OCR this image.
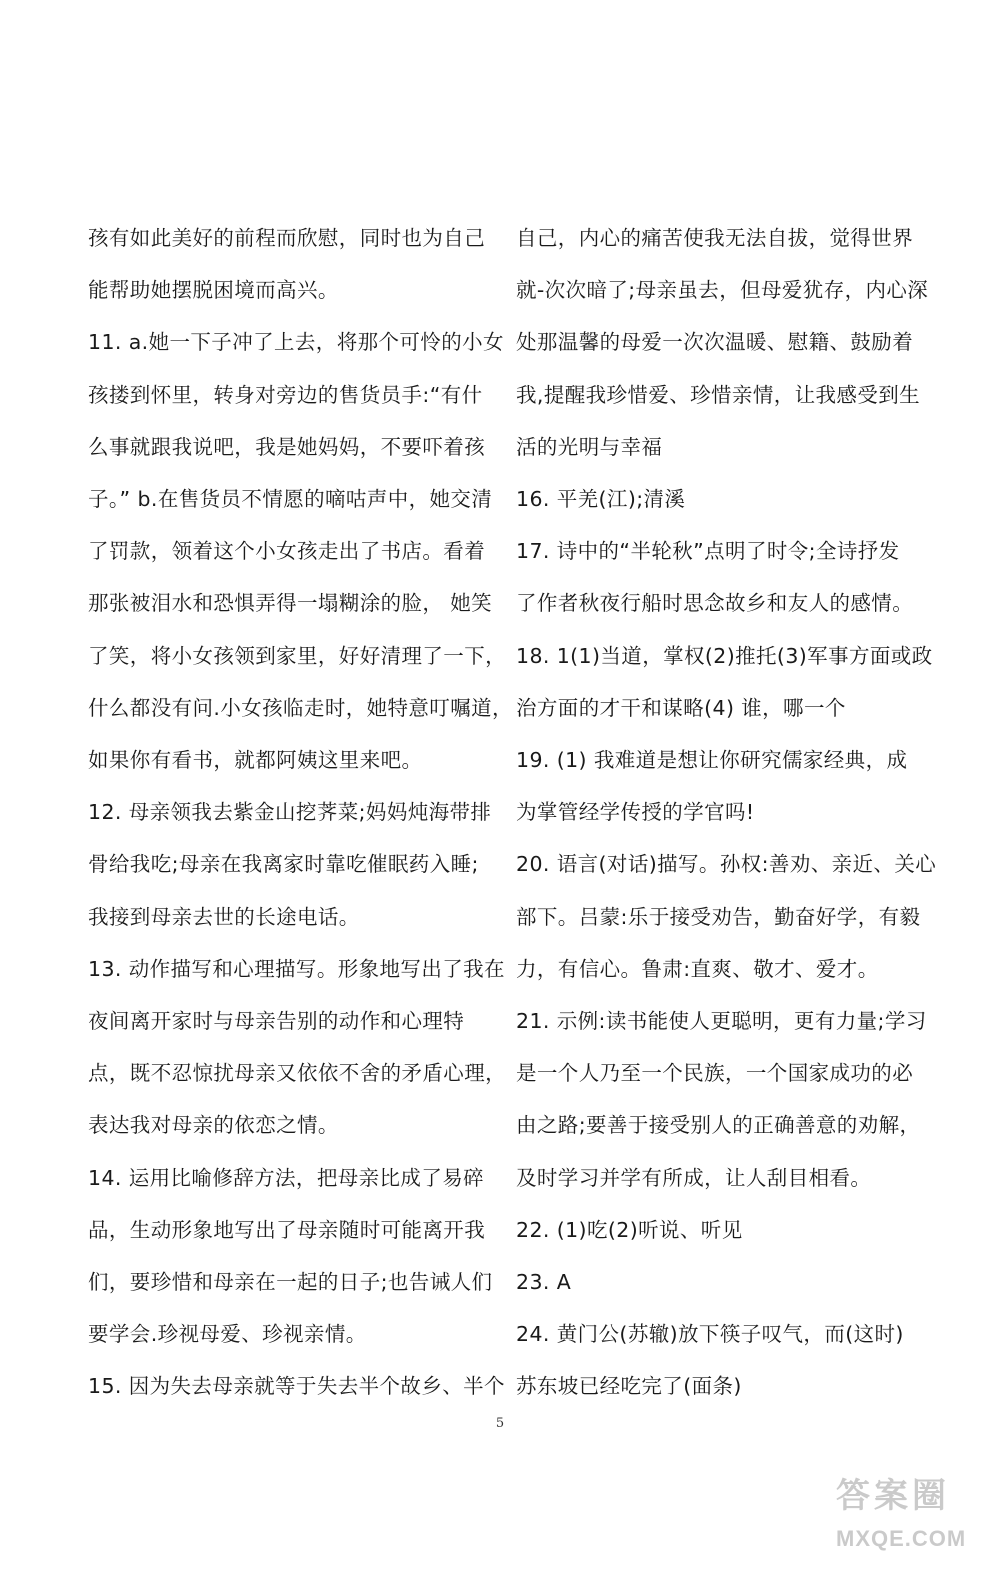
孩有如此美好的前程而欣慰，同时也为自己

能帮助她摆脱困境而高兴。

11. a.她一下子冲了上去，将那个可怜的小女

孩搂到怀里，转身对旁边的售货员手:“有什

么事就跟我说吧，我是她妈妈，不要吓着孩

子。” b.在售货员不情愿的嘀咕声中，她交清

了罚款，领着这个小女孩走出了书店。看着

那张被泪水和恐惧弄得一塌糊涂的脸， 她笑

了笑，将小女孩领到家里，好好清理了一下，

什么都没有问.小女孩临走时，她特意叮嘱道，

如果你有看书，就都阿姨这里来吧。

12. 母亲领我去紫金山挖荠菜;妈妈炖海带排

骨给我吃;母亲在我离家时靠吃催眠药入睡;

我接到母亲去世的长途电话。

13. 动作描写和心理描写。形象地写出了我在

夜间离开家时与母亲告别的动作和心理特

点，既不忍惊扰母亲又依依不舍的矛盾心理，

表达我对母亲的依恋之情。

14. 运用比喻修辞方法，把母亲比成了易碎

品，生动形象地写出了母亲随时可能离开我

们，要珍惜和母亲在一起的日子;也告诫人们

要学会.珍视母爱、珍视亲情。

15. 因为失去母亲就等于失去半个故乡、半个

自己，内心的痛苦使我无法自拔，觉得世界

就-次次暗了;母亲虽去，但母爱犹存，内心深

处那温馨的母爱一次次温暖、慰籍、鼓励着

我,提醒我珍惜爱、珍惜亲情，让我感受到生

活的光明与幸福

16. 平羌(江);清溪

17. 诗中的“半轮秋”点明了时令;全诗抒发

了作者秋夜行船时思念故乡和友人的感情。

18. 1(1)当道，掌权(2)推托(3)军事方面或政

治方面的才干和谋略(4) 谁，哪一个

19. (1) 我难道是想让你研究儒家经典，成

为掌管经学传授的学官吗!

20. 语言(对话)描写。孙权:善劝、亲近、关心

部下。吕蒙:乐于接受劝告，勤奋好学，有毅

力，有信心。鲁肃:直爽、敬才、爱才。

21. 示例:读书能使人更聪明，更有力量;学习

是一个人乃至一个民族，一个国家成功的必

由之路;要善于接受别人的正确善意的劝解，

及时学习并学有所成，让人刮目相看。

22. (1)吃(2)听说、听见

23. A

24. 黄门公(苏辙)放下筷子叹气，而(这时)

苏东坡已经吃完了(面条)

5
答案圈
MXQE.COM
